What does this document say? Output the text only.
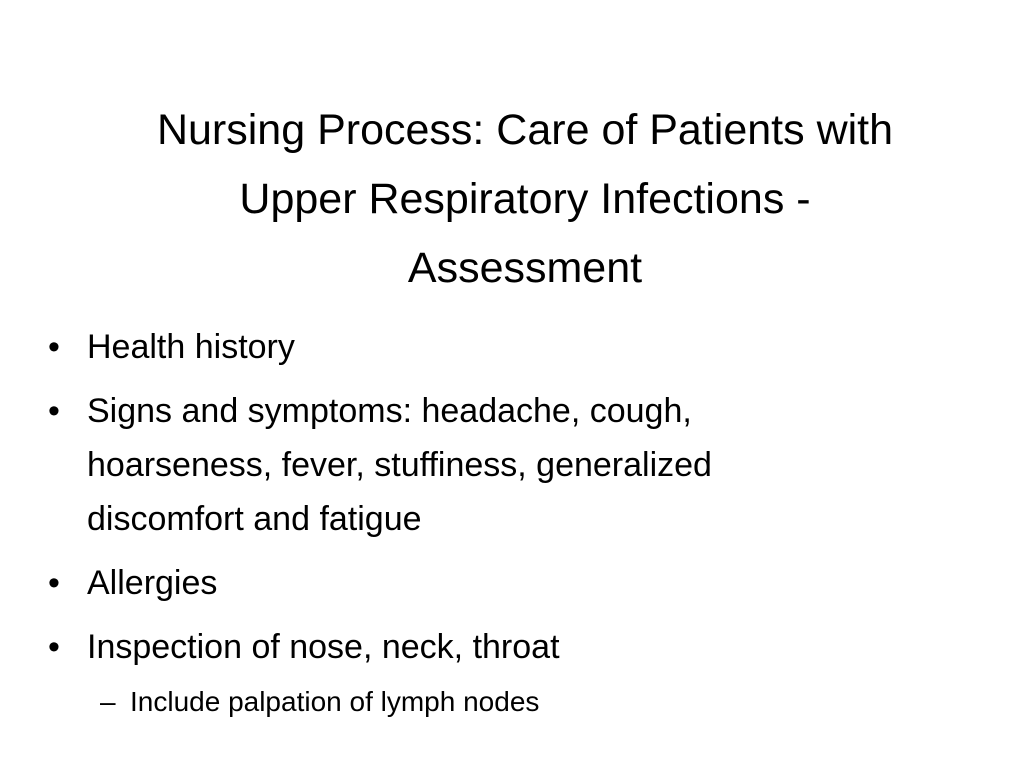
Nursing Process: Care of Patients with
Upper Respiratory Infections -
Assessment
• Health history
• Signs and symptoms: headache, cough,
hoarseness, fever, stuffiness, generalized
discomfort and fatigue
• Allergies
• Inspection of nose, neck, throat
– Include palpation of lymph nodes
